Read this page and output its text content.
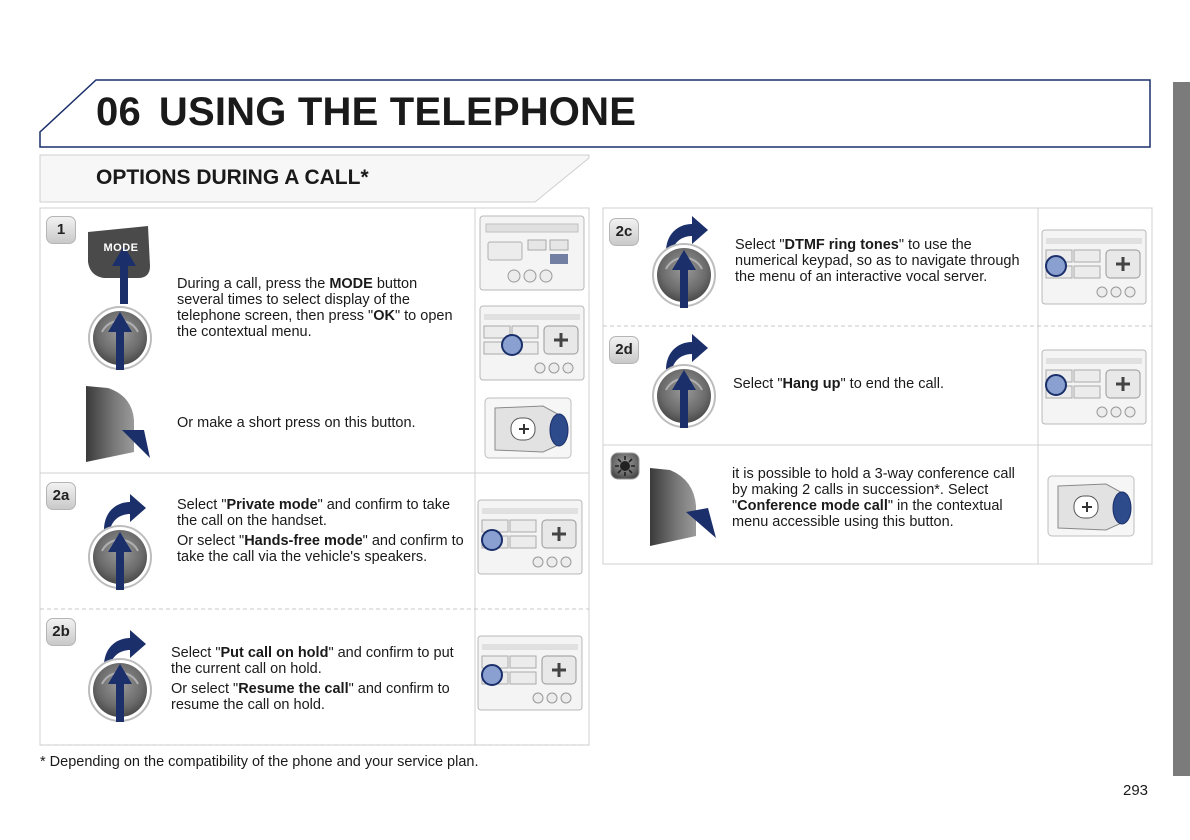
06 USING THE TELEPHONE
OPTIONS DURING A CALL*
1
MODE
During a call, press the MODE button several times to select display of the telephone screen, then press "OK" to open the contextual menu.
Or make a short press on this button.
2a

Select "Private mode" and confirm to take the call on the handset.

Or select "Hands-free mode" and confirm to take the call via the vehicle's speakers.

2b

Select "Put call on hold" and confirm to put the current call on hold.

Or select "Resume the call" and confirm to resume the call on hold.

2c
Select "DTMF ring tones" to use the numerical keypad, so as to navigate through the menu of an interactive vocal server.
2d
Select "Hang up" to end the call.
it is possible to hold a 3-way conference call by making 2 calls in succession*. Select "Conference mode call" in the contextual menu accessible using this button.
* Depending on the compatibility of the phone and your service plan.
293
